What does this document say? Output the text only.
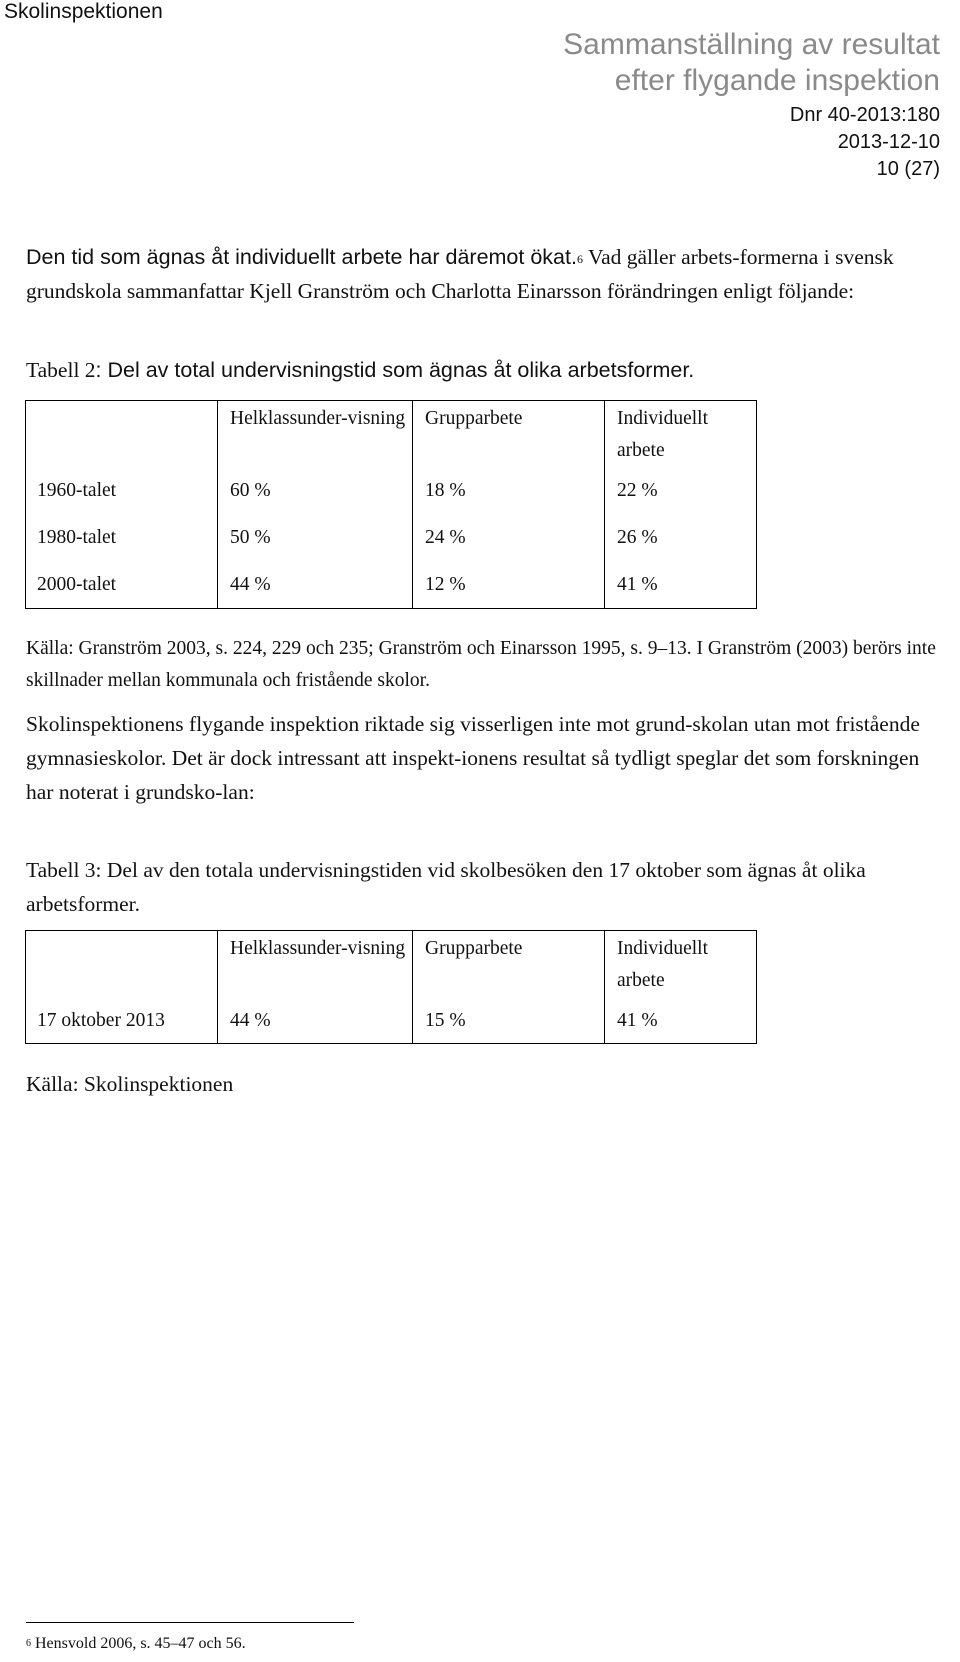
Skolinspektionen
Sammanställning av resultat
efter flygande inspektion
Dnr 40-2013:180
2013-12-10
10 (27)
Den tid som ägnas åt individuellt arbete har däremot ökat.$^6$ Vad gäller arbets-formerna i svensk grundskola sammanfattar Kjell Granström och Charlotta Einarsson förändringen enligt följande:
Tabell 2: Del av total undervisningstid som ägnas åt olika arbetsformer.
	Helklassunder-visning	Grupparbete	Individuellt arbete
1960-talet	60 %	18 %	22 %
1980-talet	50 %	24 %	26 %
2000-talet	44 %	12 %	41 %
Källa: Granström 2003, s. 224, 229 och 235; Granström och Einarsson 1995, s. 9–13. I Granström (2003) berörs inte skillnader mellan kommunala och fristående skolor.
Skolinspektionens flygande inspektion riktade sig visserligen inte mot grund-skolan utan mot fristående gymnasieskolor. Det är dock intressant att inspekt-ionens resultat så tydligt speglar det som forskningen har noterat i grundsko-lan:
Tabell 3: Del av den totala undervisningstiden vid skolbesöken den 17 oktober som ägnas åt olika arbetsformer.
	Helklassunder-visning	Grupparbete	Individuellt arbete
17 oktober 2013	44 %	15 %	41 %
Källa: Skolinspektionen
$^6$ Hensvold 2006, s. 45–47 och 56.
